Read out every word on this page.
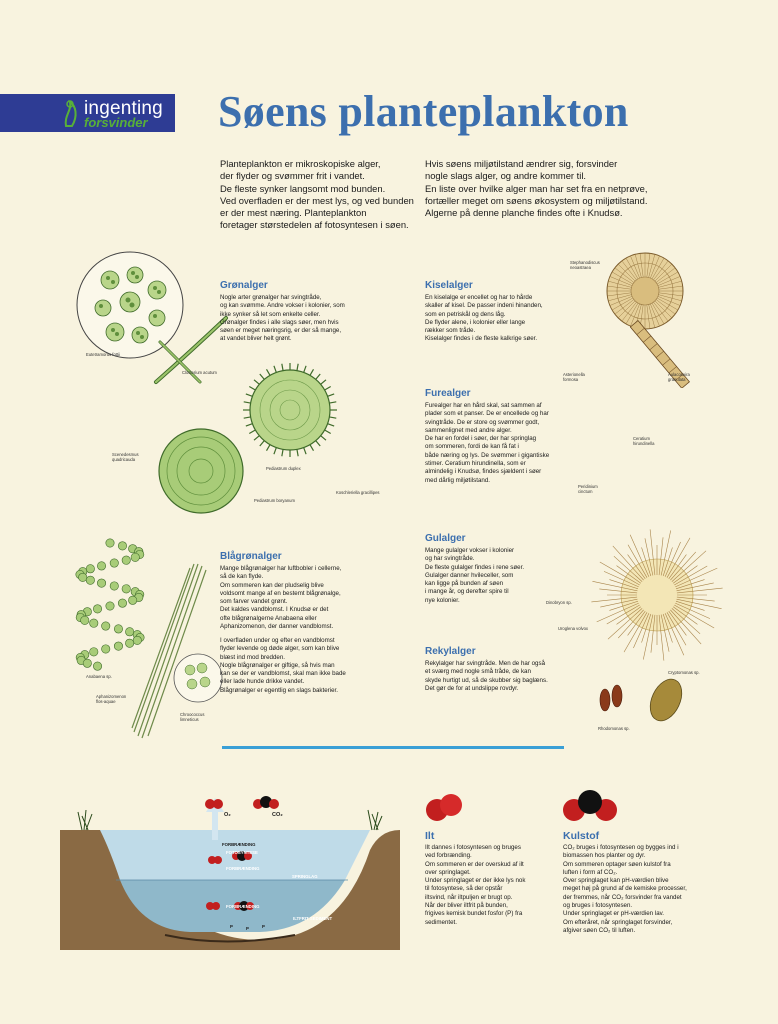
ingenting
forsvinder Søens planteplankton
Planteplankton er mikroskopiske alger,
der flyder og svømmer frit i vandet.
De fleste synker langsomt mod bunden.
Ved overfladen er der mest lys, og ved bunden
er der mest næring. Planteplankton
foretager størstedelen af fotosyntesen i søen.
Hvis søens miljøtilstand ændrer sig, forsvinder
nogle slags alger, og andre kommer til.
En liste over hvilke alger man har set fra en netprøve,
fortæller meget om søens økosystem og miljøtilstand.
Algerne på denne planche findes ofte i Knudsø.
Eutetramorus fottii
Closterium acutum
Pediastrum duplex
Pediastrum boryanum
Scenedesmus
quadricauda
Koschleriella gracillipes
Grønalger
Nogle arter grønalger har svingtråde,
og kan svømme. Andre vokser i kolonier, som
ikke synker så let som enkelte celler.
Grønalger findes i alle slags søer, men hvis
søen er meget næringsrig, er der så mange,
at vandet bliver helt grønt.
Kiselalger
En kiselalge er encellet og har to hårde
skaller af kisel. De passer indeni hinanden,
som en petriskål og dens låg.
De flyder alene, i kolonier eller lange
rækker som tråde.
Kiselalger findes i de fleste kalkrige søer.
Stephanodiscus
neoastraea
Asterionella
formosa
Aulacoseira
granulata
Furealger
Furealger har en hård skal, sat sammen af
plader som et panser. De er encellede og har
svingtråde. De er store og svømmer godt,
sammenlignet med andre alger.
De har en fordel i søer, der har springlag
om sommeren, fordi de kan få fat i
både næring og lys. De svømmer i gigantiske
stimer. Ceratium hirundinella, som er
almindelig i Knudsø, findes sjældent i søer
med dårlig miljøtilstand.
Ceratium
hirundinella
Peridinium
cinctum
Anabaena sp.
Aphanizomenon
flos-aquae
Chroococcus
limneticus
Blågrønalger
Mange blågrønalger har luftbobler i cellerne,
så de kan flyde.
Om sommeren kan der pludselig blive
voldsomt mange af en bestemt blågrønalge,
som farver vandet grønt.
Det kaldes vandblomst. I Knudsø er det
ofte blågrønalgerne Anabaena eller
Aphanizomenon, der danner vandblomst.
I overfladen under og efter en vandblomst
flyder levende og døde alger, som kan blive
blæst ind mod bredden.
Nogle blågrønalger er giftige, så hvis man
kan se der er vandblomst, skal man ikke bade
eller lade hunde drikke vandet.
Blågrønalger er egentlig en slags bakterier.
Gulalger
Mange gulalger vokser i kolonier
og har svingtråde.
De fleste gulalger findes i rene søer.
Gulalger danner hvileceller, som
kan ligge på bunden af søen
i mange år, og derefter spire til
nye kolonier.	Dinobryon sp.
Uroglena volvox
Rekylalger
Rekylalger har svingtråde. Men de har også
et sværg med nogle små tråde, de kan
skyde hurtigt ud, så de skubber sig baglæns.
Det gør de for at undslippe rovdyr.
Cryptomonas sp.
Rhodomonas sp.
O₂	CO₂
FORBRÆNDING
FOTOSYNTESE
FORBRÆNDING
SPRINGLAG
FORBRÆNDING
ILTFRIT SEDIMENT
P	P	P
Ilt
Ilt dannes i fotosyntesen og bruges
ved forbrænding.
Om sommeren er der overskud af ilt
over springlaget.
Under springlaget er der ikke lys nok
til fotosyntese, så der opstår
iltsvind, når iltpuljen er brugt op.
Når der bliver iltfrit på bunden,
frigives kemisk bundet fosfor (P) fra
sedimentet.
Kulstof
CO₂ bruges i fotosyntesen og bygges ind i
biomassen hos planter og dyr.
Om sommeren optager søen kulstof fra
luften i form af CO₂.
Over springlaget kan pH-værdien blive
meget høj på grund af de kemiske processer,
der fremmes, når CO₂ forsvinder fra vandet
og bruges i fotosyntesen.
Under springlaget er pH-værdien lav.
Om efteråret, når springlaget forsvinder,
afgiver søen CO₂ til luften.
